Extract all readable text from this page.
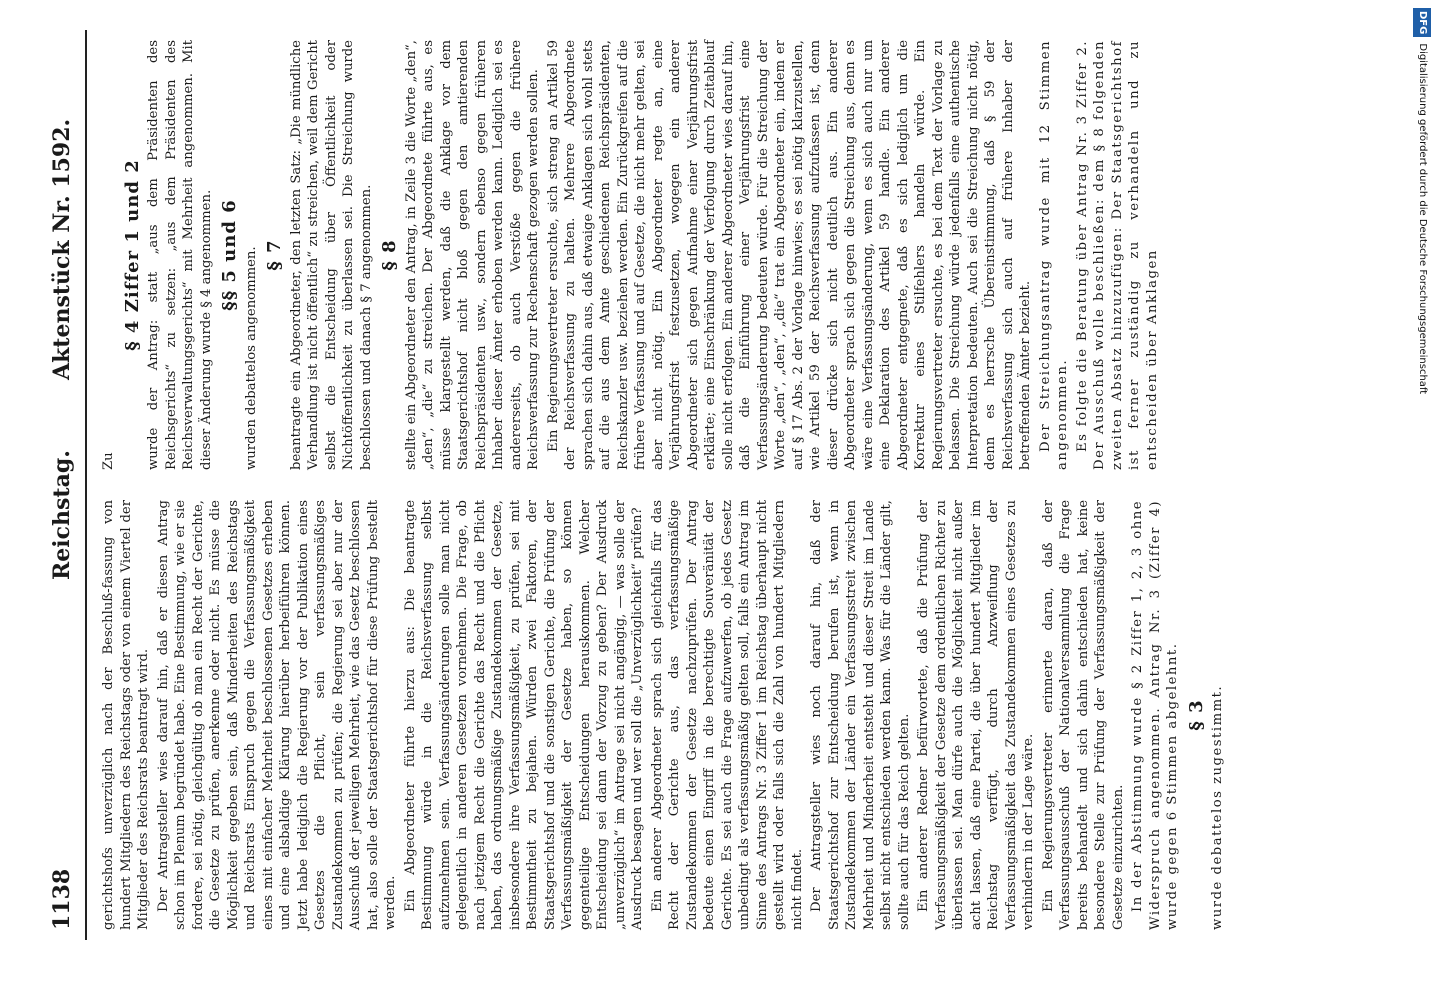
1138
Reichstag.
Aktenstück Nr. 1592.

gerichtshofs unverzüglich nach der Beschluß-fassung von hundert Mitgliedern des Reichstags oder von einem Viertel der Mitglieder des Reichsrats beantragt wird. Der Antragsteller wies darauf hin, daß er diesen Antrag schon im Plenum begründet habe. Eine Bestimmung, wie er sie fordere, sei nötig, gleichgültig ob man ein Recht der Gerichte, die Gesetze zu prüfen, anerkenne oder nicht. Es müsse die Möglichkeit gegeben sein, daß Minderheiten des Reichstags und Reichsrats Einspruch gegen die Verfassungsmäßigkeit eines mit einfacher Mehrheit beschlossenen Gesetzes erheben und eine alsbaldige Klärung hierüber herbeiführen können. Jetzt habe lediglich die Regierung vor der Publikation eines Gesetzes die Pflicht, sein verfassungsmäßiges Zustandekommen zu prüfen; die Regierung sei aber nur der Ausschuß der jeweiligen Mehrheit, wie das Gesetz beschlossen hat, also solle der Staatsgerichtshof für diese Prüfung bestellt werden. Ein Abgeordneter führte hierzu aus: Die beantragte Bestimmung würde in die Reichsverfassung selbst aufzunehmen sein. Verfassungsänderungen solle man nicht gelegentlich in anderen Gesetzen vornehmen. Die Frage, ob nach jetzigem Recht die Gerichte das Recht und die Pflicht haben, das ordnungsmäßige Zustandekommen der Gesetze, insbesondere ihre Verfassungsmäßigkeit, zu prüfen, sei mit Bestimmtheit zu bejahen. Würden zwei Faktoren, der Staatsgerichtshof und die sonstigen Gerichte, die Prüfung der Verfassungsmäßigkeit der Gesetze haben, so können gegenteilige Entscheidungen herauskommen. Welcher Entscheidung sei dann der Vorzug zu geben? Der Ausdruck „unverzüglich“ im Antrage sei nicht angängig, — was solle der Ausdruck besagen und wer soll die „Unverzüglichkeit“ prüfen? Ein anderer Abgeordneter sprach sich gleichfalls für das Recht der Gerichte aus, das verfassungsmäßige Zustandekommen der Gesetze nachzuprüfen. Der Antrag bedeute einen Eingriff in die berechtigte Souveränität der Gerichte. Es sei auch die Frage aufzuwerfen, ob jedes Gesetz unbedingt als verfassungsmäßig gelten soll, falls ein Antrag im Sinne des Antrags Nr. 3 Ziffer 1 im Reichstag überhaupt nicht gestellt wird oder falls sich die Zahl von hundert Mitgliedern nicht findet. Der Antragsteller wies noch darauf hin, daß der Staatsgerichtshof zur Entscheidung berufen ist, wenn in Zustandekommen der Länder ein Verfassungsstreit zwischen Mehrheit und Minderheit entsteht und dieser Streit im Lande selbst nicht entschieden werden kann. Was für die Länder gilt, sollte auch für das Reich gelten. Ein anderer Redner befürwortete, daß die Prüfung der Verfassungsmäßigkeit der Gesetze dem ordentlichen Richter zu überlassen sei. Man dürfe auch die Möglichkeit nicht außer acht lassen, daß eine Partei, die über hundert Mitglieder im Reichstag verfügt, durch Anzweiflung der Verfassungsmäßigkeit das Zustandekommen eines Gesetzes zu verhindern in der Lage wäre. Ein Regierungsvertreter erinnerte daran, daß der Verfassungsausschuß der Nationalversammlung die Frage bereits behandelt und sich dahin entschieden hat, keine besondere Stelle zur Prüfung der Verfassungsmäßigkeit der Gesetze einzurichten. In der Abstimmung wurde § 2 Ziffer 1, 2, 3 ohne Widerspruch angenommen. Antrag Nr. 3 (Ziffer 4) wurde gegen 6 Stimmen abgelehnt. § 3 wurde debattelos zugestimmt.

Zu

§ 4 Ziffer 1 und 2 wurde der Antrag: statt „aus dem Präsidenten des Reichsgerichts“ zu setzen: „aus dem Präsidenten des Reichsverwaltungsgerichts“ mit Mehrheit angenommen. Mit dieser Änderung wurde § 4 angenommen. §§ 5 und 6 wurden debattelos angenommen. § 7 beantragte ein Abgeordneter, den letzten Satz: „Die mündliche Verhandlung ist nicht öffentlich“ zu streichen, weil dem Gericht selbst die Entscheidung über Öffentlichkeit oder Nichtöffentlichkeit zu überlassen sei. Die Streichung wurde beschlossen und danach § 7 angenommen. § 8 stellte ein Abgeordneter den Antrag, in Zeile 3 die Worte „den“, „den“, „die“ zu streichen. Der Abgeordnete führte aus, es müsse klargestellt werden, daß die Anklage vor dem Staatsgerichtshof nicht bloß gegen den amtierenden Reichspräsidenten usw., sondern ebenso gegen früheren Inhaber dieser Ämter erhoben werden kann. Lediglich sei es andererseits, ob auch Verstöße gegen die frühere Reichsverfassung zur Rechenschaft gezogen werden sollen. Ein Regierungsvertreter ersuchte, sich streng an Artikel 59 der Reichsverfassung zu halten. Mehrere Abgeordnete sprachen sich dahin aus, daß etwaige Anklagen sich wohl stets auf die aus dem Amte geschiedenen Reichspräsidenten, Reichskanzler usw. beziehen werden. Ein Zurückgreifen auf die frühere Verfassung und auf Gesetze, die nicht mehr gelten, sei aber nicht nötig. Ein Abgeordneter regte an, eine Verjährungsfrist festzusetzen, wogegen ein anderer Abgeordneter sich gegen Aufnahme einer Verjährungsfrist erklärte; eine Einschränkung der Verfolgung durch Zeitablauf solle nicht erfolgen. Ein anderer Abgeordneter wies darauf hin, daß die Einführung einer Verjährungsfrist eine Verfassungsänderung bedeuten würde. Für die Streichung der Worte „den“, „den“, „die“ trat ein Abgeordneter ein, indem er auf § 17 Abs. 2 der Vorlage hinwies; es sei nötig klarzustellen, wie Artikel 59 der Reichsverfassung aufzufassen ist, denn dieser drücke sich nicht deutlich aus. Ein anderer Abgeordneter sprach sich gegen die Streichung aus, denn es wäre eine Verfassungsänderung, wenn es sich auch nur um eine Deklaration des Artikel 59 handle. Ein anderer Abgeordneter entgegnete, daß es sich lediglich um die Korrektur eines Stilfehlers handeln würde. Ein Regierungsvertreter ersuchte, es bei dem Text der Vorlage zu belassen. Die Streichung würde jedenfalls eine authentische Interpretation bedeuten. Auch sei die Streichung nicht nötig, denn es herrsche Übereinstimmung, daß § 59 der Reichsverfassung sich auch auf frühere Inhaber der betreffenden Ämter bezieht. Der Streichungsantrag wurde mit 12 Stimmen angenommen. Es folgte die Beratung über Antrag Nr. 3 Ziffer 2. Der Ausschuß wolle beschließen: dem § 8 folgenden zweiten Absatz hinzuzufügen: Der Staatsgerichtshof ist ferner zuständig zu verhandeln und zu entscheiden über Anklagen

DFGDigitalisierung gefördert durch die Deutsche Forschungsgemeinschaft
